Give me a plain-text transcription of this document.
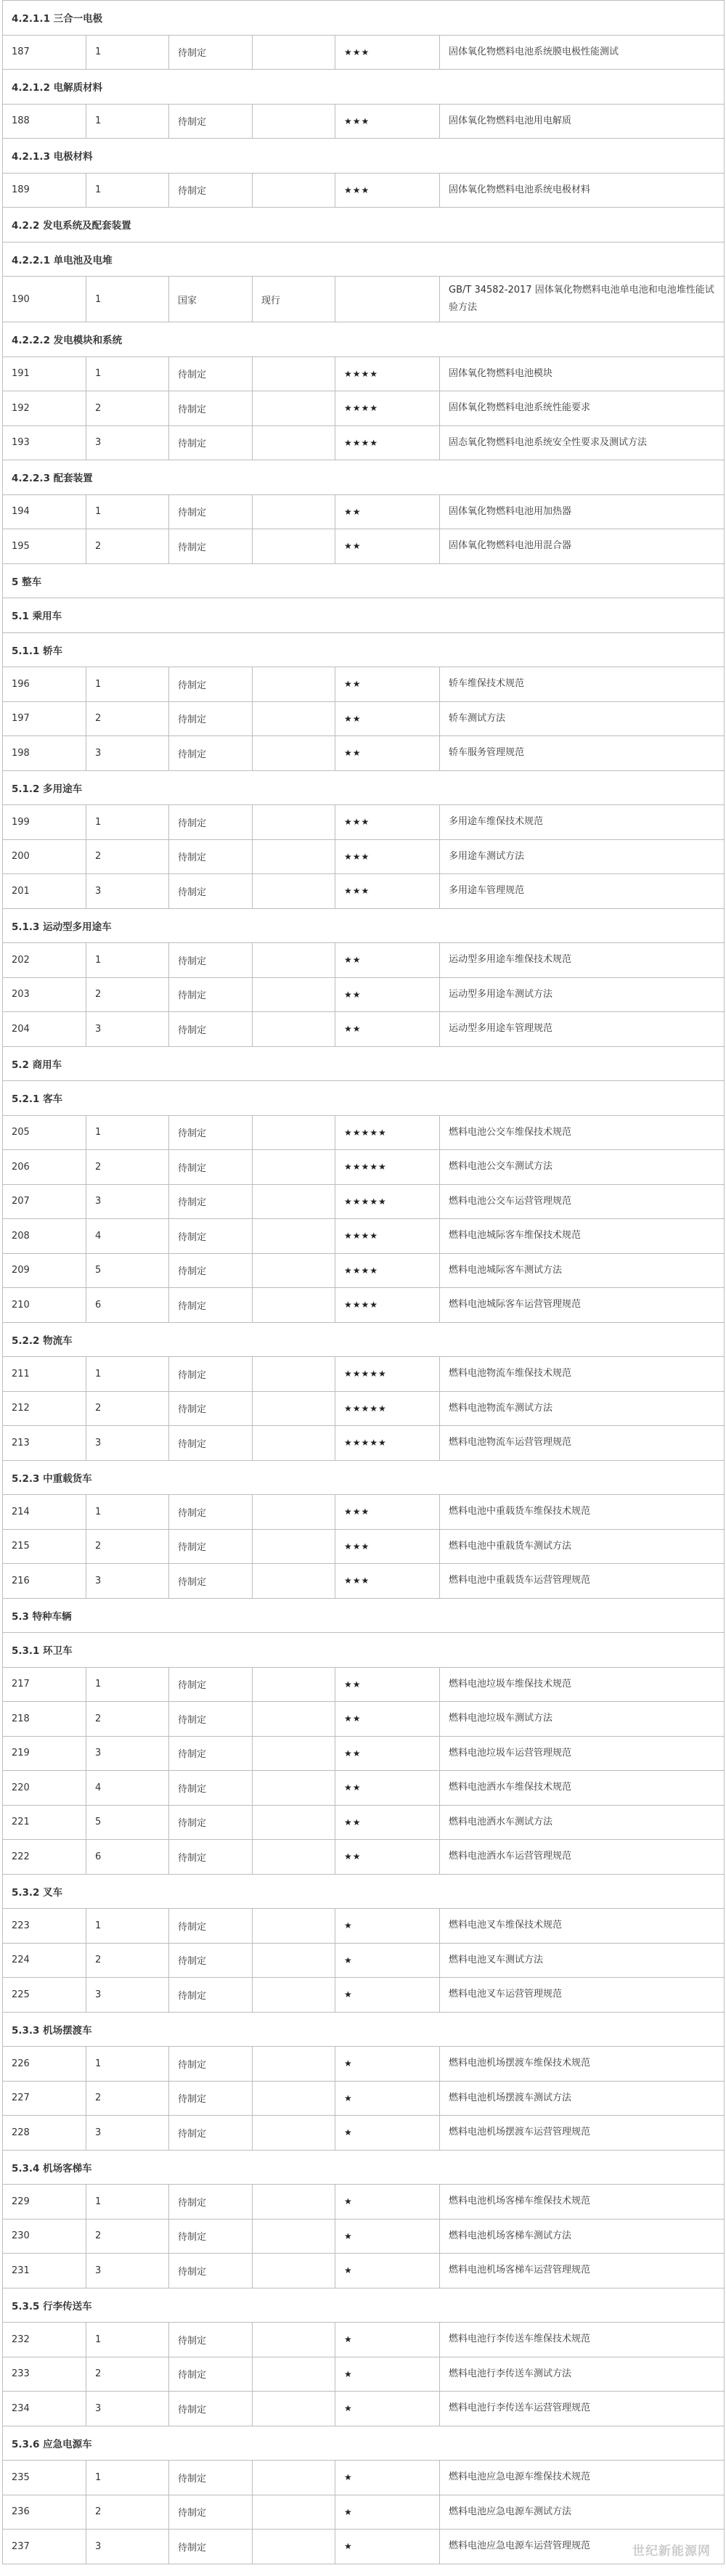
4.2.1.1 三合一电极					
187	1	待制定		★★★	固体氧化物燃料电池系统膜电极性能测试
4.2.1.2 电解质材料					
188	1	待制定		★★★	固体氧化物燃料电池用电解质
4.2.1.3 电极材料					
189	1	待制定		★★★	固体氧化物燃料电池系统电极材料
4.2.2 发电系统及配套装置					
4.2.2.1 单电池及电堆					
190	1	国家	现行		GB/T 34582-2017 固体氧化物燃料电池单电池和电池堆性能试验方法
4.2.2.2 发电模块和系统					
191	1	待制定		★★★★	固体氧化物燃料电池模块
192	2	待制定		★★★★	固体氧化物燃料电池系统性能要求
193	3	待制定		★★★★	固态氧化物燃料电池系统安全性要求及测试方法
4.2.2.3 配套装置					
194	1	待制定		★★	固体氧化物燃料电池用加热器
195	2	待制定		★★	固体氧化物燃料电池用混合器
5 整车					
5.1 乘用车					
5.1.1 轿车					
196	1	待制定		★★	轿车维保技术规范
197	2	待制定		★★	轿车测试方法
198	3	待制定		★★	轿车服务管理规范
5.1.2 多用途车					
199	1	待制定		★★★	多用途车维保技术规范
200	2	待制定		★★★	多用途车测试方法
201	3	待制定		★★★	多用途车管理规范
5.1.3 运动型多用途车					
202	1	待制定		★★	运动型多用途车维保技术规范
203	2	待制定		★★	运动型多用途车测试方法
204	3	待制定		★★	运动型多用途车管理规范
5.2 商用车					
5.2.1 客车					
205	1	待制定		★★★★★	燃料电池公交车维保技术规范
206	2	待制定		★★★★★	燃料电池公交车测试方法
207	3	待制定		★★★★★	燃料电池公交车运营管理规范
208	4	待制定		★★★★	燃料电池城际客车维保技术规范
209	5	待制定		★★★★	燃料电池城际客车测试方法
210	6	待制定		★★★★	燃料电池城际客车运营管理规范
5.2.2 物流车					
211	1	待制定		★★★★★	燃料电池物流车维保技术规范
212	2	待制定		★★★★★	燃料电池物流车测试方法
213	3	待制定		★★★★★	燃料电池物流车运营管理规范
5.2.3 中重载货车					
214	1	待制定		★★★	燃料电池中重载货车维保技术规范
215	2	待制定		★★★	燃料电池中重载货车测试方法
216	3	待制定		★★★	燃料电池中重载货车运营管理规范
5.3 特种车辆					
5.3.1 环卫车					
217	1	待制定		★★	燃料电池垃圾车维保技术规范
218	2	待制定		★★	燃料电池垃圾车测试方法
219	3	待制定		★★	燃料电池垃圾车运营管理规范
220	4	待制定		★★	燃料电池洒水车维保技术规范
221	5	待制定		★★	燃料电池洒水车测试方法
222	6	待制定		★★	燃料电池洒水车运营管理规范
5.3.2 叉车					
223	1	待制定		★	燃料电池叉车维保技术规范
224	2	待制定		★	燃料电池叉车测试方法
225	3	待制定		★	燃料电池叉车运营管理规范
5.3.3 机场摆渡车					
226	1	待制定		★	燃料电池机场摆渡车维保技术规范
227	2	待制定		★	燃料电池机场摆渡车测试方法
228	3	待制定		★	燃料电池机场摆渡车运营管理规范
5.3.4 机场客梯车					
229	1	待制定		★	燃料电池机场客梯车维保技术规范
230	2	待制定		★	燃料电池机场客梯车测试方法
231	3	待制定		★	燃料电池机场客梯车运营管理规范
5.3.5 行李传送车					
232	1	待制定		★	燃料电池行李传送车维保技术规范
233	2	待制定		★	燃料电池行李传送车测试方法
234	3	待制定		★	燃料电池行李传送车运营管理规范
5.3.6 应急电源车					
235	1	待制定		★	燃料电池应急电源车维保技术规范
236	2	待制定		★	燃料电池应急电源车测试方法
237	3	待制定		★	燃料电池应急电源车运营管理规范	世纪新能源网
